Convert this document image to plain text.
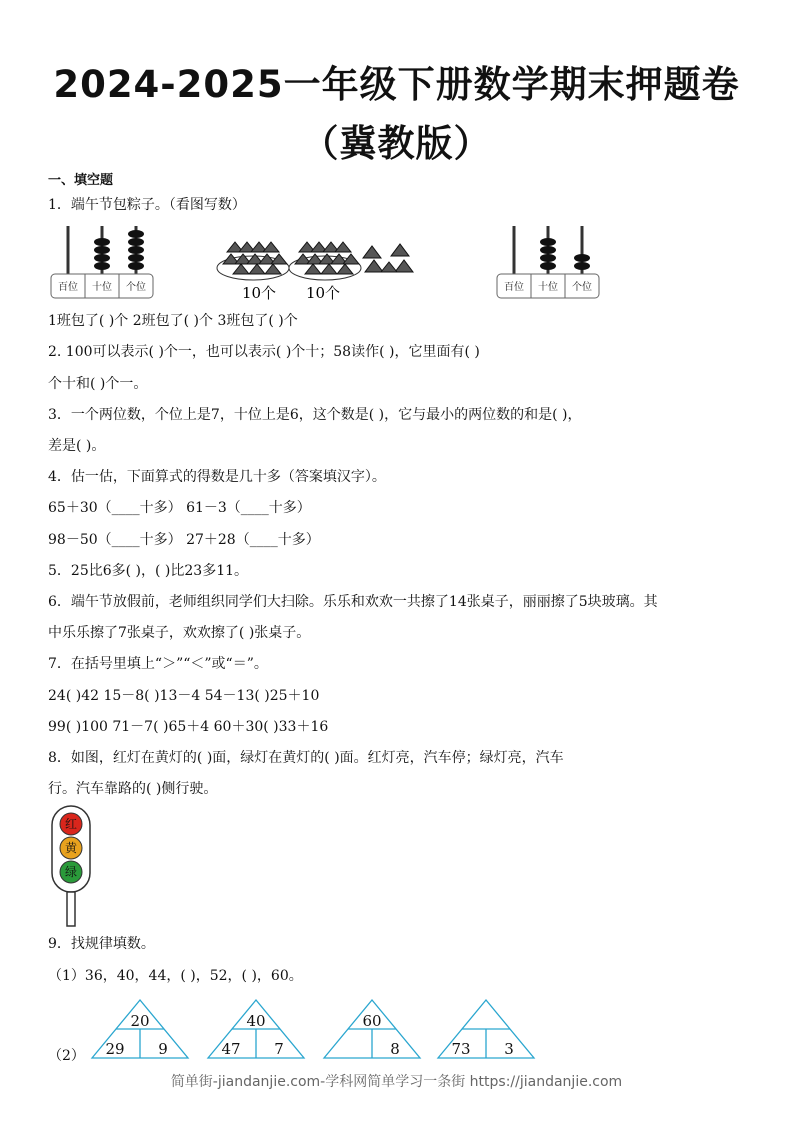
2024-2025一年级下册数学期末押题卷
（冀教版）
一、填空题
1．端午节包粽子。（看图写数）
百位 十位 个位	10个 10个	百位 十位 个位
1班包了( )个 2班包了( )个 3班包了( )个
2. 100可以表示( )个一，也可以表示( )个十；58读作( )，它里面有( )
个十和( )个一。
3．一个两位数，个位上是7，十位上是6，这个数是( )，它与最小的两位数的和是( )，
差是( )。
4．估一估，下面算式的得数是几十多（答案填汉字）。
65＋30（____十多） 61－3（____十多）
98－50（____十多） 27＋28（____十多）
5．25比6多( )，( )比23多11。
6．端午节放假前，老师组织同学们大扫除。乐乐和欢欢一共擦了14张桌子，丽丽擦了5块玻璃。其
中乐乐擦了7张桌子，欢欢擦了( )张桌子。
7．在括号里填上“＞”“＜”或“＝”。
24( )42 15－8( )13－4 54－13( )25＋10
99( )100 71－7( )65＋4 60＋30( )33＋16
8．如图，红灯在黄灯的( )面，绿灯在黄灯的( )面。红灯亮，汽车停；绿灯亮，汽车
行。汽车靠路的( )侧行驶。
红
黄
绿
9．找规律填数。
（1）36，40，44，( )，52，( )，60。
（2）
20
29 9
40
47 7
60
8	73 3
简单街-jiandanjie.com-学科网简单学习一条街 https://jiandanjie.com
